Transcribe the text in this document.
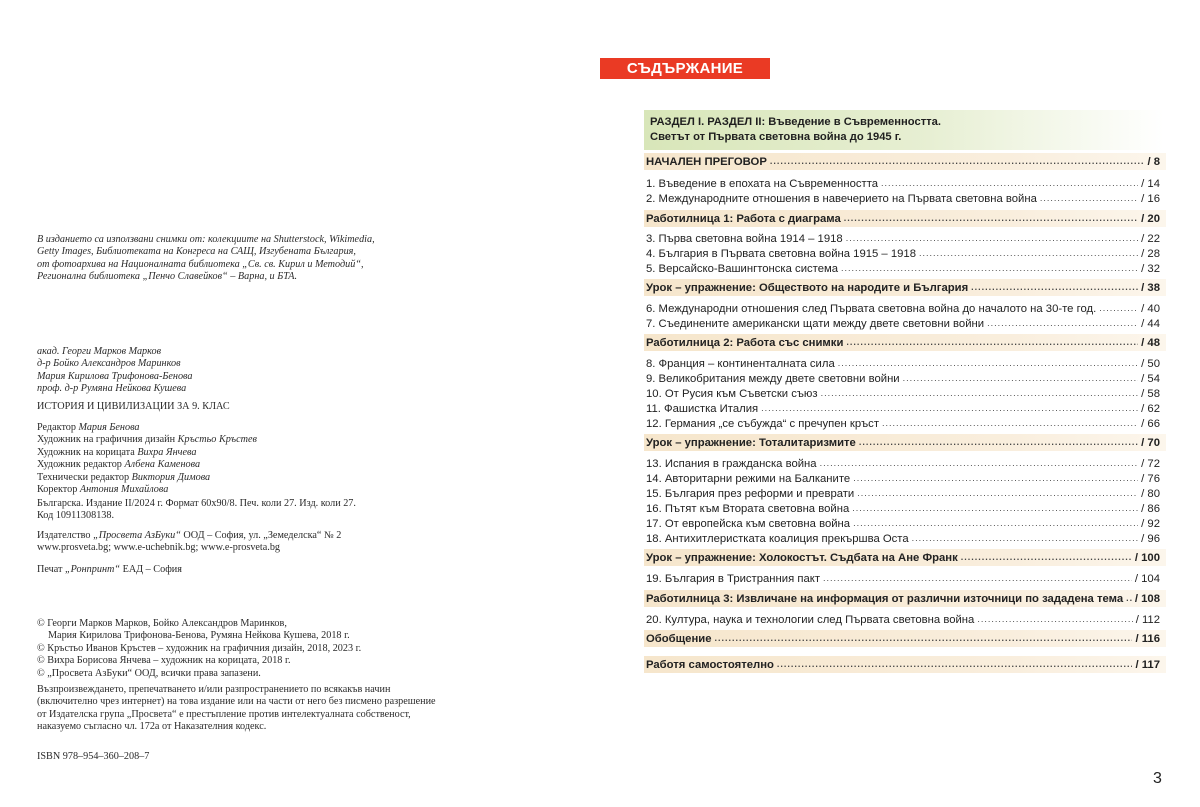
В изданието са използвани снимки от: колекциите на Shutterstock, Wikimedia,
Getty Images, Библиотеката на Конгреса на САЩ, Изгубената България,
от фотоархива на Националната библиотека „Св. св. Кирил и Методий“,
Регионална библиотека „Пенчо Славейков“ – Варна, и БТА.
акад. Георги Марков Марков
д-р Бойко Александров Маринков
Мария Кирилова Трифонова-Бенова
проф. д-р Румяна Нейкова Кушева
ИСТОРИЯ И ЦИВИЛИЗАЦИИ ЗА 9. КЛАС
Редактор Мария Бенова
Художник на графичния дизайн Кръстьо Кръстев
Художник на корицата Вихра Янчева
Художник редактор Албена Каменова
Технически редактор Виктория Димова
Коректор Антония Михайлова
Българска. Издание II/2024 г. Формат 60х90/8. Печ. коли 27. Изд. коли 27.
Код 10911308138.
Издателство „Просвета АзБуки“ ООД – София, ул. „Земеделска“ № 2
www.prosveta.bg; www.e-uchebnik.bg; www.e-prosveta.bg
Печат „Ронпринт“ ЕАД – София
© Георги Марков Марков, Бойко Александров Маринков,
Мария Кирилова Трифонова-Бенова, Румяна Нейкова Кушева, 2018 г.
© Кръстьо Иванов Кръстев – художник на графичния дизайн, 2018, 2023 г.
© Вихра Борисова Янчева – художник на корицата, 2018 г.
© „Просвета АзБуки“ ООД, всички права запазени.
Възпроизвеждането, препечатването и/или разпространението по всякакъв начин
(включително чрез интернет) на това издание или на части от него без писмено разрешение
от Издателска група „Просвета“ е престъпление против интелектуалната собственост,
наказуемо съгласно чл. 172а от Наказателния кодекс.
ISBN 978–954–360–208–7
СЪДЪРЖАНИЕ
РАЗДЕЛ I. РАЗДЕЛ II: Въведение в Съвременността.
Светът от Първата световна война до 1945 г.
НАЧАЛЕН ПРЕГОВОР .....	/ 8
1. Въведение в епохата на Съвременността .....	/ 14
2. Международните отношения в навечерието на Първата световна война .....	/ 16
Работилница 1: Работа с диаграма .....	/ 20
3. Първа световна война 1914 – 1918 .....	/ 22
4. България в Първата световна война 1915 – 1918 .....	/ 28
5. Версайско-Вашингтонска система .....	/ 32
Урок – упражнение: Обществото на народите и България .....	/ 38
6. Международни отношения след Първата световна война до началото на 30-те год. .....	/ 40
7. Съединените американски щати между двете световни войни .....	/ 44
Работилница 2: Работа със снимки .....	/ 48
8. Франция – континенталната сила .....	/ 50
9. Великобритания между двете световни войни .....	/ 54
10. От Русия към Съветски съюз .....	/ 58
11. Фашистка Италия .....	/ 62
12. Германия „се събужда“ с пречупен кръст .....	/ 66
Урок – упражнение: Тоталитаризмите .....	/ 70
13. Испания в гражданска война .....	/ 72
14. Авторитарни режими на Балканите .....	/ 76
15. България през реформи и преврати .....	/ 80
16. Пътят към Втората световна война .....	/ 86
17. От европейска към световна война .....	/ 92
18. Антихитлеристката коалиция прекършва Оста .....	/ 96
Урок – упражнение: Холокостът. Съдбата на Ане Франк .....	/ 100
19. България в Тристранния пакт .....	/ 104
Работилница 3: Извличане на информация от различни източници по зададена тема ..... / 108
20. Култура, наука и технологии след Първата световна война .....	/ 112
Обобщение .....	/ 116
Работя самостоятелно .....	/ 117
3
